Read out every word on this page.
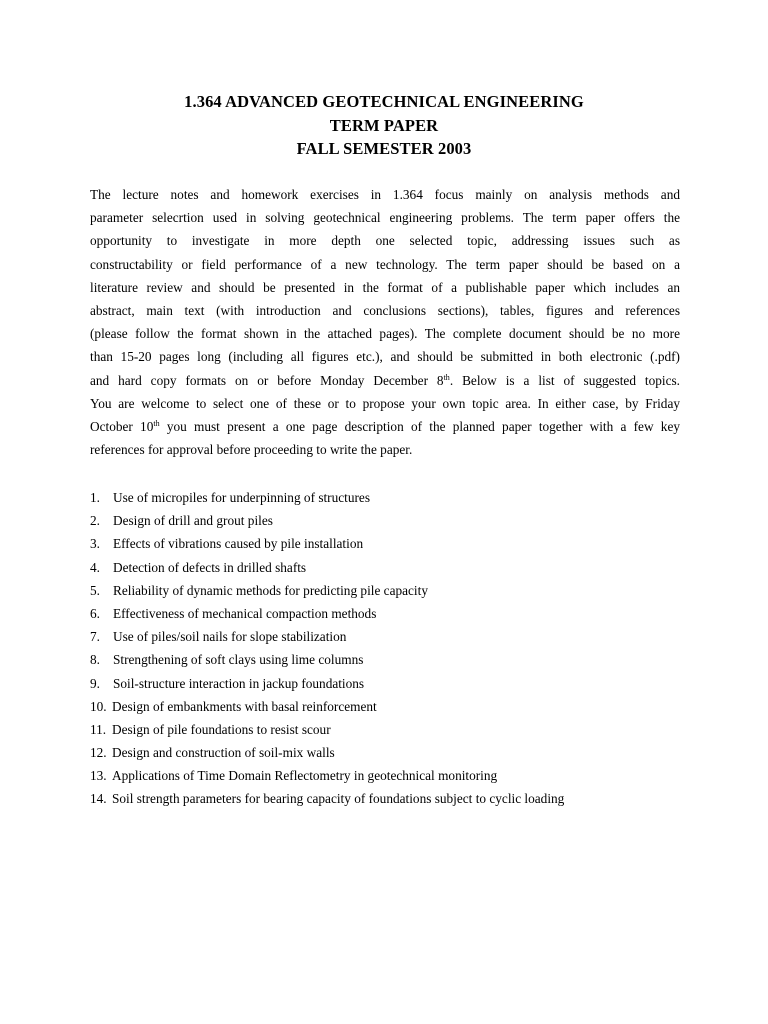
1.364 ADVANCED GEOTECHNICAL ENGINEERING
TERM PAPER
FALL SEMESTER 2003
The lecture notes and homework exercises in 1.364 focus mainly on analysis methods and
parameter selecrtion used in solving geotechnical engineering problems. The term paper offers the
opportunity to investigate in more depth one selected topic, addressing issues such as
constructability or field performance of a new technology. The term paper should be based on a
literature review and should be presented in the format of a publishable paper which includes an
abstract, main text (with introduction and conclusions sections), tables, figures and references
(please follow the format shown in the attached pages). The complete document should be no more
than 15-20 pages long (including all figures etc.), and should be submitted in both electronic (.pdf)
and hard copy formats on or before Monday December 8th. Below is a list of suggested topics.
You are welcome to select one of these or to propose your own topic area. In either case, by Friday
October 10th you must present a one page description of the planned paper together with a few key
references for approval before proceeding to write the paper.
1. Use of micropiles for underpinning of structures
2. Design of drill and grout piles
3. Effects of vibrations caused by pile installation
4. Detection of defects in drilled shafts
5. Reliability of dynamic methods for predicting pile capacity
6. Effectiveness of mechanical compaction methods
7. Use of piles/soil nails for slope stabilization
8. Strengthening of soft clays using lime columns
9. Soil-structure interaction in jackup foundations
10. Design of embankments with basal reinforcement
11. Design of pile foundations to resist scour
12. Design and construction of soil-mix walls
13. Applications of Time Domain Reflectometry in geotechnical monitoring
14. Soil strength parameters for bearing capacity of foundations subject to cyclic loading
